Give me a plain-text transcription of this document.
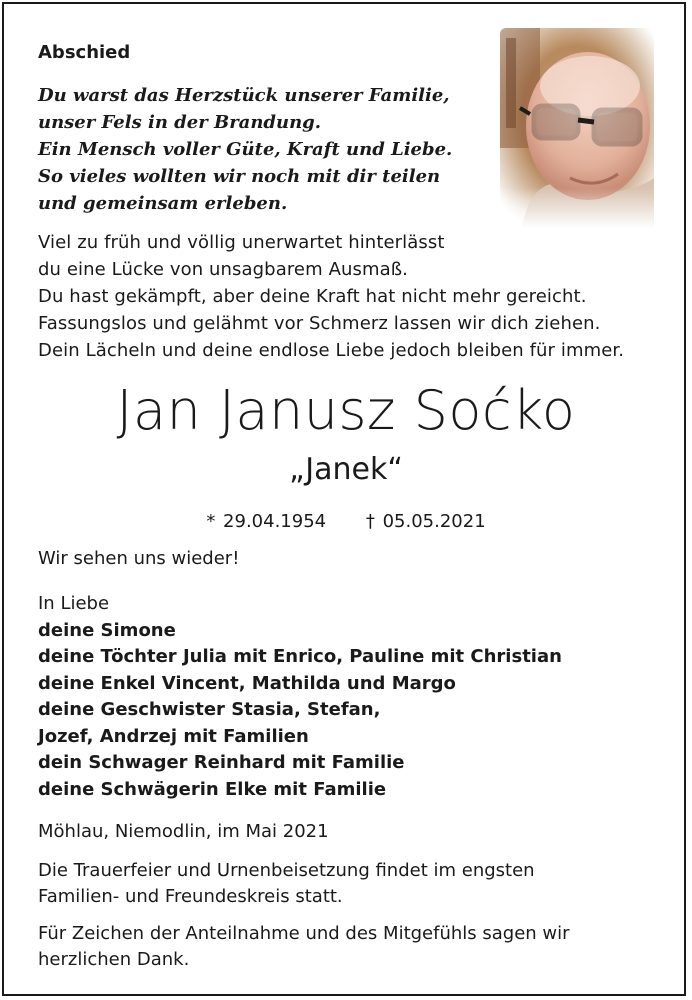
Abschied
Du warst das Herzstück unserer Familie,
unser Fels in der Brandung.
Ein Mensch voller Güte, Kraft und Liebe.
So vieles wollten wir noch mit dir teilen
und gemeinsam erleben.
Viel zu früh und völlig unerwartet hinterlässt
du eine Lücke von unsagbarem Ausmaß.
Du hast gekämpft, aber deine Kraft hat nicht mehr gereicht.
Fassungslos und gelähmt vor Schmerz lassen wir dich ziehen.
Dein Lächeln und deine endlose Liebe jedoch bleiben für immer.
Jan Janusz Soćko
„Janek“
* 29.04.1954 † 05.05.2021
Wir sehen uns wieder!
In Liebe
deine Simone
deine Töchter Julia mit Enrico, Pauline mit Christian
deine Enkel Vincent, Mathilda und Margo
deine Geschwister Stasia, Stefan,
Jozef, Andrzej mit Familien
dein Schwager Reinhard mit Familie
deine Schwägerin Elke mit Familie
Möhlau, Niemodlin, im Mai 2021
Die Trauerfeier und Urnenbeisetzung findet im engsten
Familien- und Freundeskreis statt.
Für Zeichen der Anteilnahme und des Mitgefühls sagen wir
herzlichen Dank.
